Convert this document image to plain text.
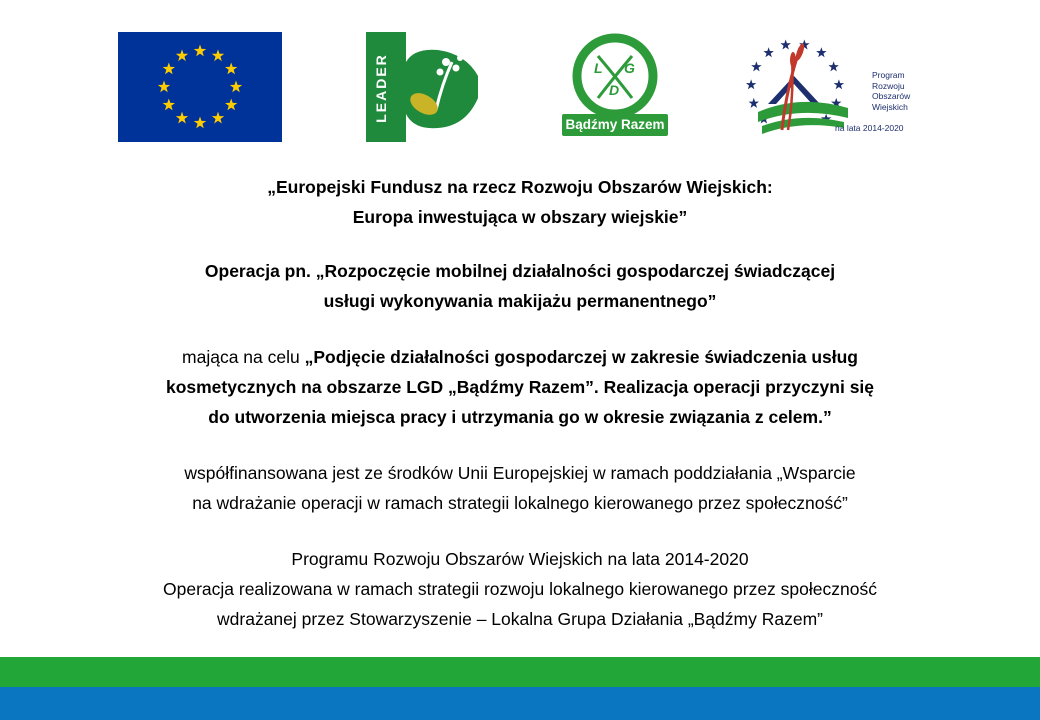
LEADER	L G
D
Bądźmy Razem
Program
Rozwoju
Obszarów
Wiejskich
na lata 2014-2020

„Europejski Fundusz na rzecz Rozwoju Obszarów Wiejskich:

Europa inwestująca w obszary wiejskie”

Operacja pn. „Rozpoczęcie mobilnej działalności gospodarczej świadczącej

usługi wykonywania makijażu permanentnego”

mająca na celu „Podjęcie działalności gospodarczej w zakresie świadczenia usług

kosmetycznych na obszarze LGD „Bądźmy Razem”. Realizacja operacji przyczyni się

do utworzenia miejsca pracy i utrzymania go w okresie związania z celem.”

współfinansowana jest ze środków Unii Europejskiej w ramach poddziałania „Wsparcie

na wdrażanie operacji w ramach strategii lokalnego kierowanego przez społeczność”

Programu Rozwoju Obszarów Wiejskich na lata 2014-2020

Operacja realizowana w ramach strategii rozwoju lokalnego kierowanego przez społeczność

wdrażanej przez Stowarzyszenie – Lokalna Grupa Działania „Bądźmy Razem”
